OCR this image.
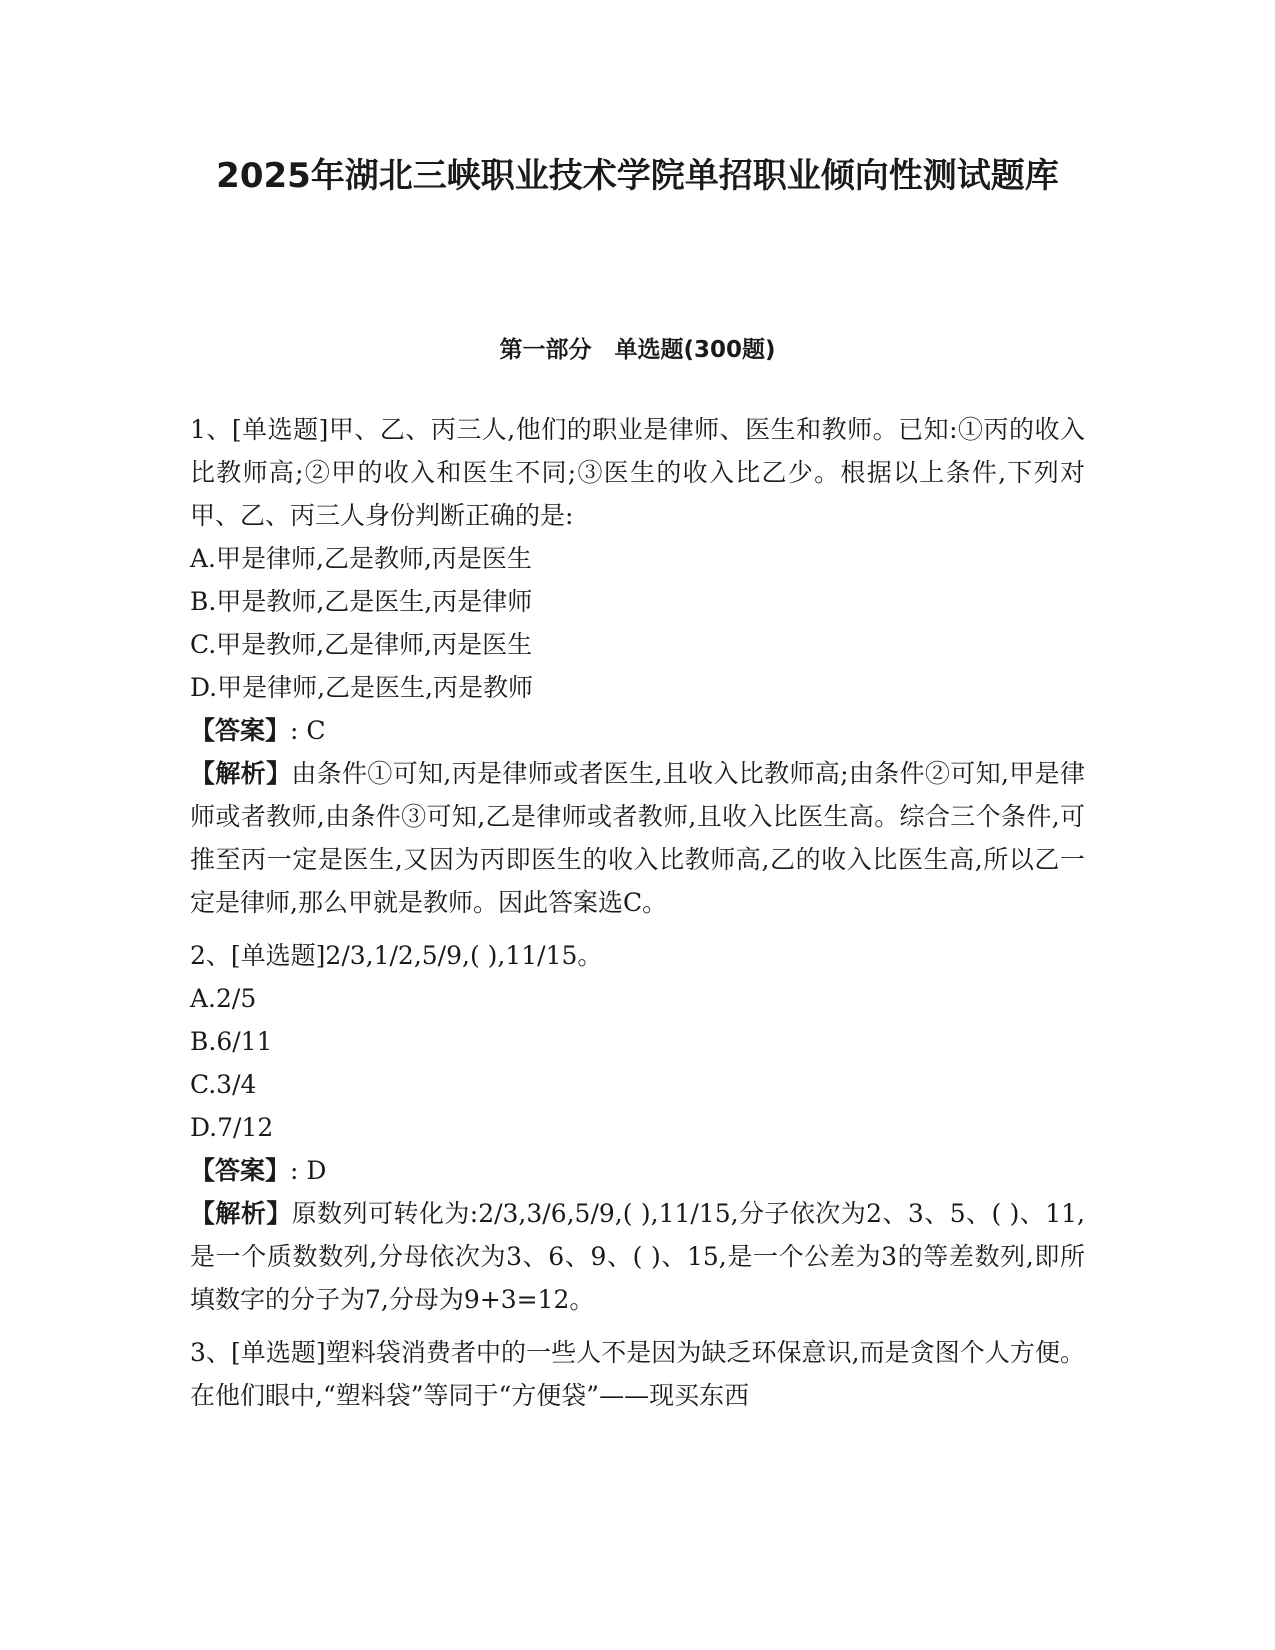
2025年湖北三峡职业技术学院单招职业倾向性测试题库
第一部分　单选题(300题)

1、[单选题]甲、乙、丙三人,他们的职业是律师、医生和教师。已知:①丙的收入比教师高;②甲的收入和医生不同;③医生的收入比乙少。根据以上条件,下列对甲、乙、丙三人身份判断正确的是:

A.甲是律师,乙是教师,丙是医生

B.甲是教师,乙是医生,丙是律师

C.甲是教师,乙是律师,丙是医生

D.甲是律师,乙是医生,丙是教师

【答案】: C

【解析】由条件①可知,丙是律师或者医生,且收入比教师高;由条件②可知,甲是律师或者教师,由条件③可知,乙是律师或者教师,且收入比医生高。综合三个条件,可推至丙一定是医生,又因为丙即医生的收入比教师高,乙的收入比医生高,所以乙一定是律师,那么甲就是教师。因此答案选C。

2、[单选题]2/3,1/2,5/9,( ),11/15。

A.2/5

B.6/11

C.3/4

D.7/12

【答案】: D

【解析】原数列可转化为:2/3,3/6,5/9,( ),11/15,分子依次为2、3、5、( )、11,是一个质数数列,分母依次为3、6、9、( )、15,是一个公差为3的等差数列,即所填数字的分子为7,分母为9+3=12。

3、[单选题]塑料袋消费者中的一些人不是因为缺乏环保意识,而是贪图个人方便。在他们眼中,“塑料袋”等同于“方便袋”——现买东西
